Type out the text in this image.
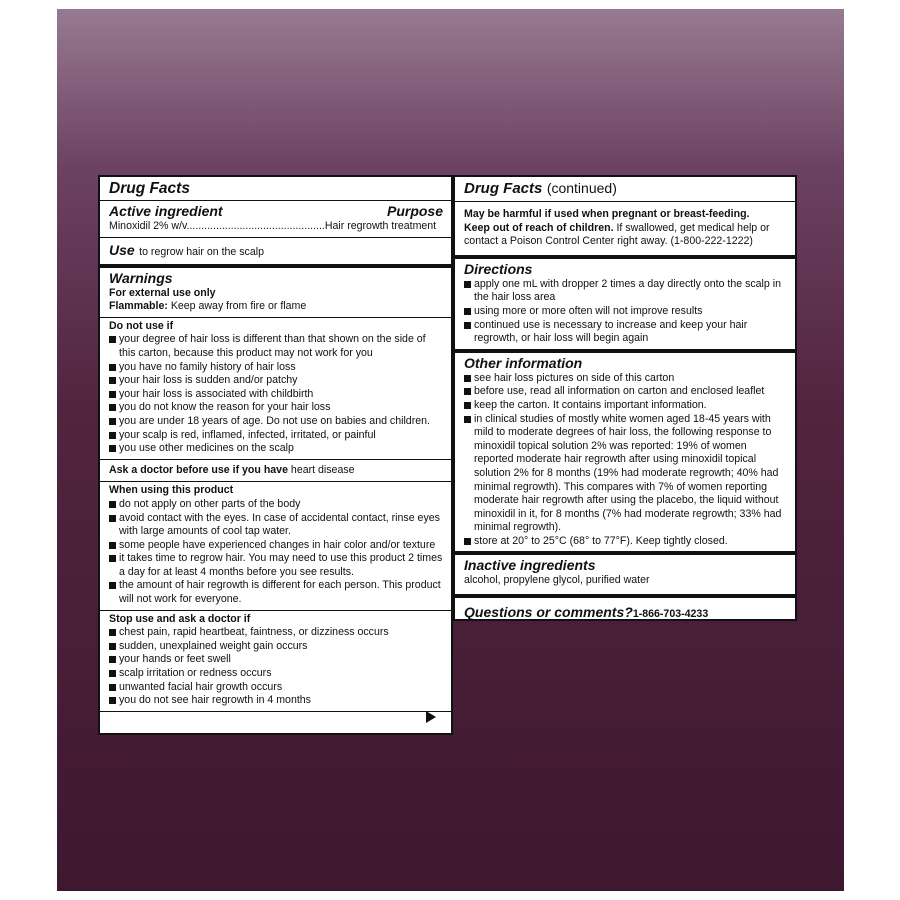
Drug Facts
Active ingredient	Purpose
Minoxidil 2% w/v...............................................Hair regrowth treatment
Use to regrow hair on the scalp
Warnings
For external use only
Flammable: Keep away from fire or flame
Do not use if
your degree of hair loss is different than that shown on the side of this carton, because this product may not work for you
you have no family history of hair loss
your hair loss is sudden and/or patchy
your hair loss is associated with childbirth
you do not know the reason for your hair loss
you are under 18 years of age. Do not use on babies and children.
your scalp is red, inflamed, infected, irritated, or painful
you use other medicines on the scalp
Ask a doctor before use if you have heart disease
When using this product
do not apply on other parts of the body
avoid contact with the eyes. In case of accidental contact, rinse eyes with large amounts of cool tap water.
some people have experienced changes in hair color and/or texture
it takes time to regrow hair. You may need to use this product 2 times a day for at least 4 months before you see results.
the amount of hair regrowth is different for each person. This product will not work for everyone.
Stop use and ask a doctor if
chest pain, rapid heartbeat, faintness, or dizziness occurs
sudden, unexplained weight gain occurs
your hands or feet swell
scalp irritation or redness occurs
unwanted facial hair growth occurs
you do not see hair regrowth in 4 months
Drug Facts (continued)
May be harmful if used when pregnant or breast-feeding.
Keep out of reach of children. If swallowed, get medical help or contact a Poison Control Center right away. (1-800-222-1222)
Directions
apply one mL with dropper 2 times a day directly onto the scalp in the hair loss area
using more or more often will not improve results
continued use is necessary to increase and keep your hair regrowth, or hair loss will begin again
Other information
see hair loss pictures on side of this carton
before use, read all information on carton and enclosed leaflet
keep the carton. It contains important information.
in clinical studies of mostly white women aged 18-45 years with mild to moderate degrees of hair loss, the following response to minoxidil topical solution 2% was reported: 19% of women reported moderate hair regrowth after using minoxidil topical solution 2% for 8 months (19% had moderate regrowth; 40% had minimal regrowth). This compares with 7% of women reporting moderate hair regrowth after using the placebo, the liquid without minoxidil in it, for 8 months (7% had moderate regrowth; 33% had minimal regrowth).
store at 20° to 25°C (68° to 77°F). Keep tightly closed.
Inactive ingredients
alcohol, propylene glycol, purified water
Questions or comments?1-866-703-4233
